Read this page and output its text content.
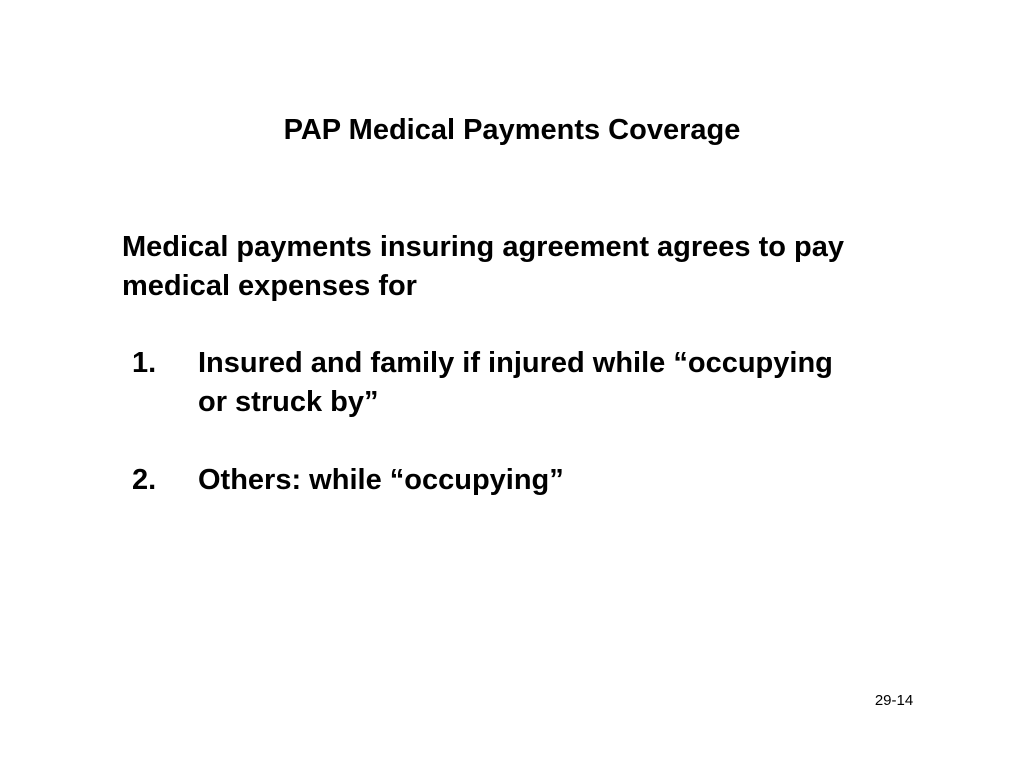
PAP Medical Payments Coverage
Medical payments insuring agreement agrees to pay medical expenses for
1. Insured and family if injured while “occupying or struck by”
2. Others: while “occupying”
29-14
